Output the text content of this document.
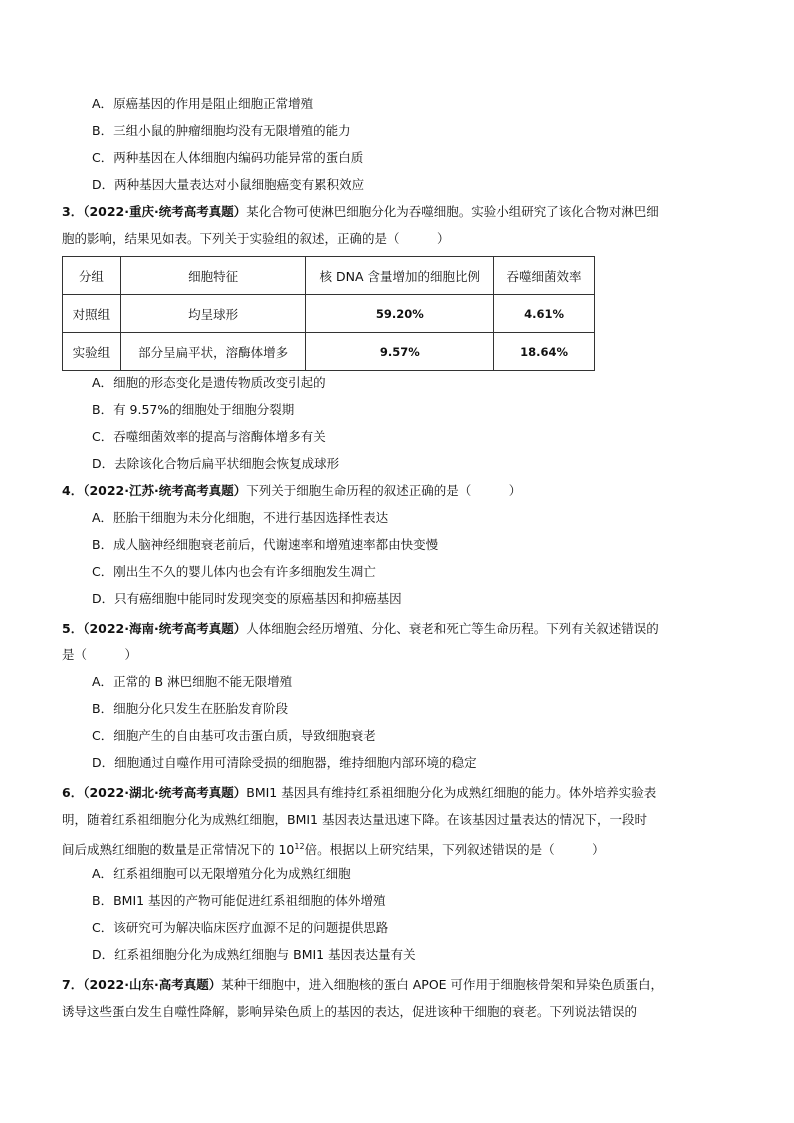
A．原癌基因的作用是阻止细胞正常增殖
B．三组小鼠的肿瘤细胞均没有无限增殖的能力
C．两种基因在人体细胞内编码功能异常的蛋白质
D．两种基因大量表达对小鼠细胞癌变有累积效应
3．（2022·重庆·统考高考真题）某化合物可使淋巴细胞分化为吞噬细胞。实验小组研究了该化合物对淋巴细
胞的影响，结果见如表。下列关于实验组的叙述，正确的是（　　　）
分组	细胞特征	核 DNA 含量增加的细胞比例	吞噬细菌效率
对照组	均呈球形	59.20%	4.61%
实验组	部分呈扁平状，溶酶体增多	9.57%	18.64%
A．细胞的形态变化是遗传物质改变引起的
B．有 9.57%的细胞处于细胞分裂期
C．吞噬细菌效率的提高与溶酶体增多有关
D．去除该化合物后扁平状细胞会恢复成球形
4．（2022·江苏·统考高考真题）下列关于细胞生命历程的叙述正确的是（　　　）
A．胚胎干细胞为未分化细胞，不进行基因选择性表达
B．成人脑神经细胞衰老前后，代谢速率和增殖速率都由快变慢
C．刚出生不久的婴儿体内也会有许多细胞发生凋亡
D．只有癌细胞中能同时发现突变的原癌基因和抑癌基因
5．（2022·海南·统考高考真题）人体细胞会经历增殖、分化、衰老和死亡等生命历程。下列有关叙述错误的
是（　　　）
A．正常的 B 淋巴细胞不能无限增殖
B．细胞分化只发生在胚胎发育阶段
C．细胞产生的自由基可攻击蛋白质，导致细胞衰老
D．细胞通过自噬作用可清除受损的细胞器，维持细胞内部环境的稳定
6．（2022·湖北·统考高考真题）BMI1 基因具有维持红系祖细胞分化为成熟红细胞的能力。体外培养实验表
明，随着红系祖细胞分化为成熟红细胞，BMI1 基因表达量迅速下降。在该基因过量表达的情况下，一段时
间后成熟红细胞的数量是正常情况下的 $10^{12}$倍。根据以上研究结果，下列叙述错误的是（　　　）
A．红系祖细胞可以无限增殖分化为成熟红细胞
B．BMI1 基因的产物可能促进红系祖细胞的体外增殖
C．该研究可为解决临床医疗血源不足的问题提供思路
D．红系祖细胞分化为成熟红细胞与 BMI1 基因表达量有关
7．（2022·山东·高考真题）某种干细胞中，进入细胞核的蛋白 APOE 可作用于细胞核骨架和异染色质蛋白，
诱导这些蛋白发生自噬性降解，影响异染色质上的基因的表达，促进该种干细胞的衰老。下列说法错误的
